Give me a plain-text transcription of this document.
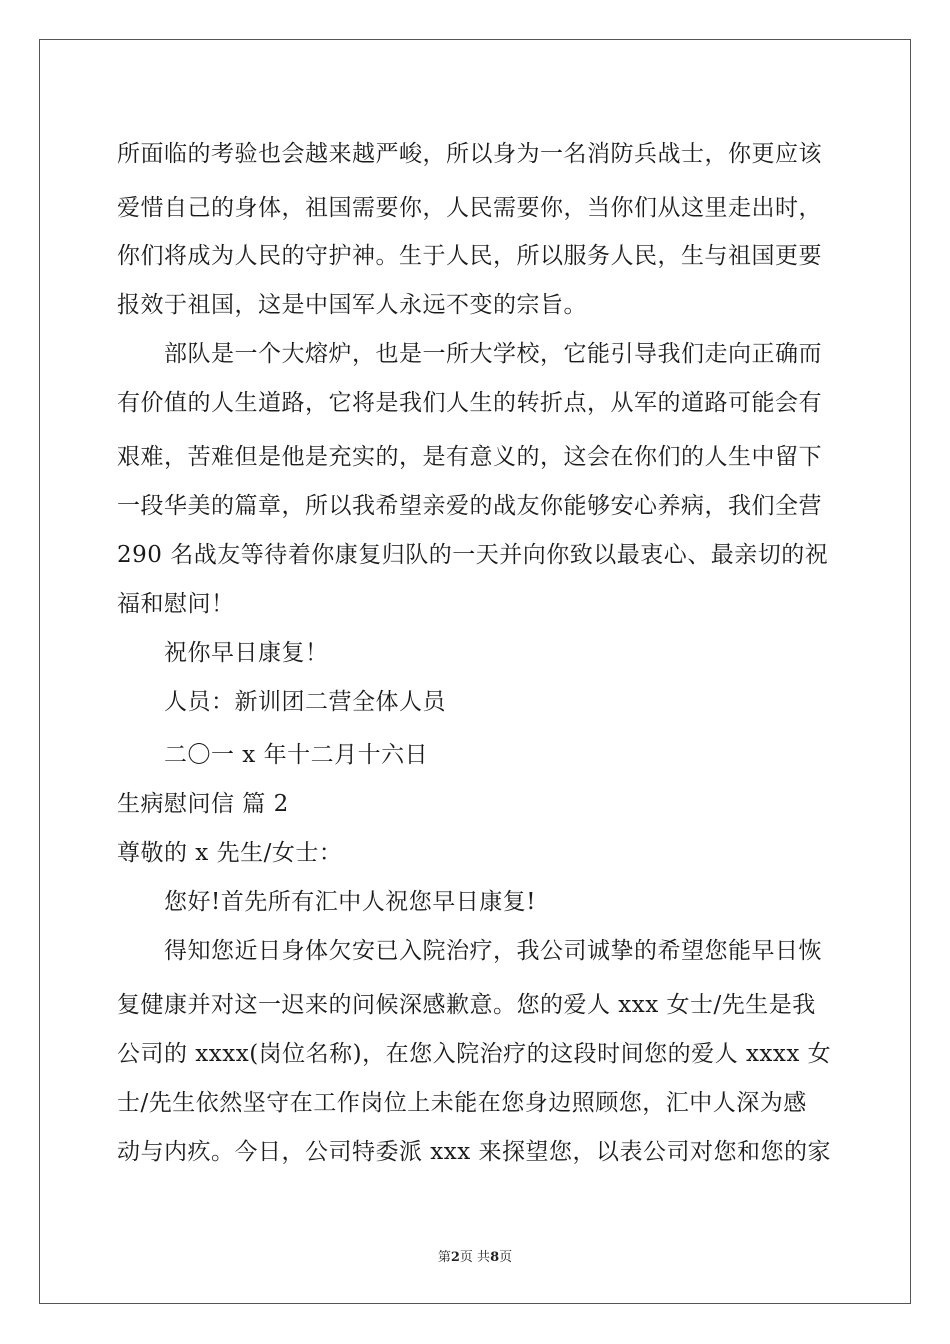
所面临的考验也会越来越严峻，所以身为一名消防兵战士，你更应该
爱惜自己的身体，祖国需要你，人民需要你，当你们从这里走出时，
你们将成为人民的守护神。生于人民，所以服务人民，生与祖国更要
报效于祖国，这是中国军人永远不变的宗旨。
部队是一个大熔炉，也是一所大学校，它能引导我们走向正确而
有价值的人生道路，它将是我们人生的转折点，从军的道路可能会有
艰难，苦难但是他是充实的，是有意义的，这会在你们的人生中留下
一段华美的篇章，所以我希望亲爱的战友你能够安心养病，我们全营
290 名战友等待着你康复归队的一天并向你致以最衷心、最亲切的祝
福和慰问！
祝你早日康复！
人员：新训团二营全体人员
二〇一 x 年十二月十六日
生病慰问信 篇 2
尊敬的 x 先生/女士：
您好!首先所有汇中人祝您早日康复!
得知您近日身体欠安已入院治疗，我公司诚挚的希望您能早日恢
复健康并对这一迟来的问候深感歉意。您的爱人 xxx 女士/先生是我
公司的 xxxx(岗位名称)，在您入院治疗的这段时间您的爱人 xxxx 女
士/先生依然坚守在工作岗位上未能在您身边照顾您，汇中人深为感
动与内疚。今日，公司特委派 xxx 来探望您，以表公司对您和您的家
第2页 共8页
